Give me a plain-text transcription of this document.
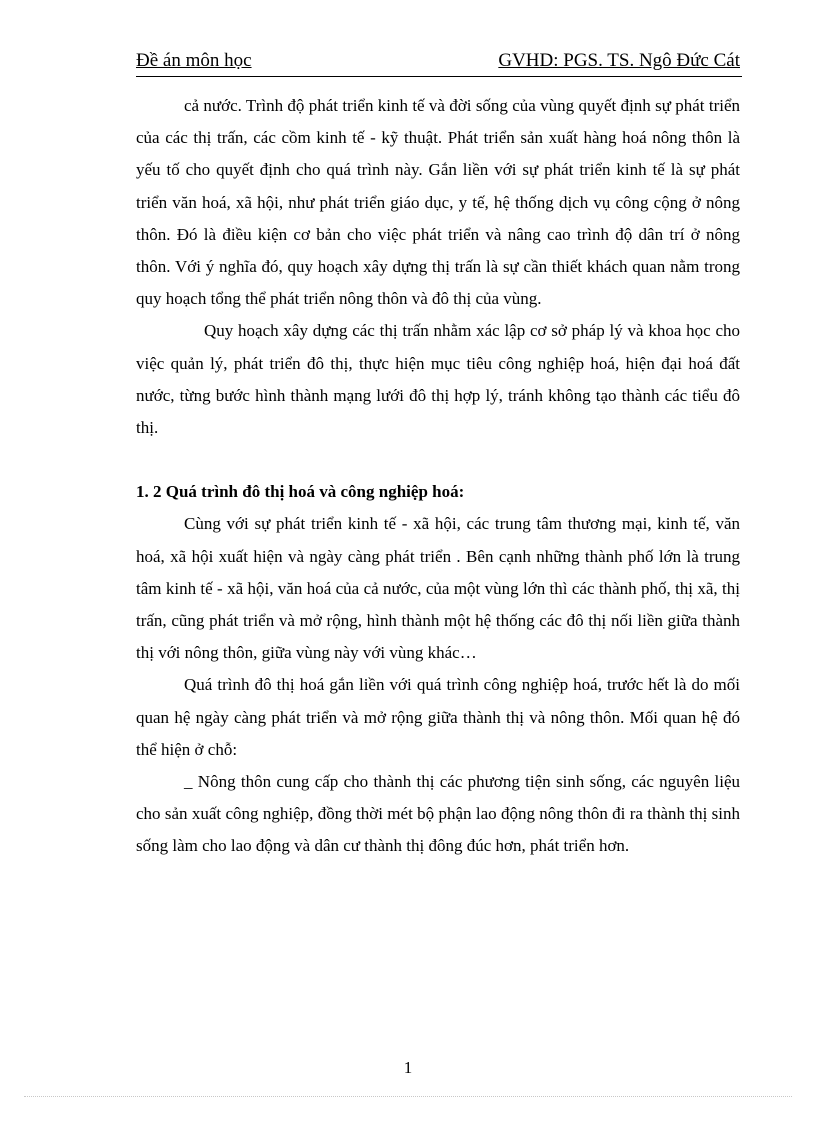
Đề án môn học	GVHD: PGS. TS. Ngô Đức Cát

cả nước. Trình độ phát triển kinh tế và đời sống của vùng quyết định sự phát triển của các thị trấn, các cồm kinh tế - kỹ thuật. Phát triển sản xuất hàng hoá nông thôn là yếu tố cho quyết định cho quá trình này. Gắn liền với sự phát triển kinh tế là sự phát triển văn hoá, xã hội, như phát triển giáo dục, y tế, hệ thống dịch vụ công cộng ở nông thôn. Đó là điều kiện cơ bản cho việc phát triển và nâng cao trình độ dân trí ở nông thôn. Với ý nghĩa đó, quy hoạch xây dựng thị trấn là sự cần thiết khách quan nằm trong quy hoạch tổng thể phát triển nông thôn và đô thị của vùng.

Quy hoạch xây dựng các thị trấn nhằm xác lập cơ sở pháp lý và khoa học cho việc quản lý, phát triển đô thị, thực hiện mục tiêu công nghiệp hoá, hiện đại hoá đất nước, từng bước hình thành mạng lưới đô thị hợp lý, tránh không tạo thành các tiểu đô thị.

1. 2 Quá trình đô thị hoá và công nghiệp hoá:

Cùng với sự phát triển kinh tế - xã hội, các trung tâm thương mại, kinh tế, văn hoá, xã hội xuất hiện và ngày càng phát triển . Bên cạnh những thành phố lớn là trung tâm kinh tế - xã hội, văn hoá của cả nước, của một vùng lớn thì các thành phố, thị xã, thị trấn, cũng phát triển và mở rộng, hình thành một hệ thống các đô thị nối liền giữa thành thị với nông thôn, giữa vùng này với vùng khác…

Quá trình đô thị hoá gắn liền với quá trình công nghiệp hoá, trước hết là do mối quan hệ ngày càng phát triển và mở rộng giữa thành thị và nông thôn. Mối quan hệ đó thể hiện ở chỗ:

_ Nông thôn cung cấp cho thành thị các phương tiện sinh sống, các nguyên liệu cho sản xuất công nghiệp, đồng thời mét bộ phận lao động nông thôn đi ra thành thị sinh sống làm cho lao động và dân cư thành thị đông đúc hơn, phát triển hơn.

1
